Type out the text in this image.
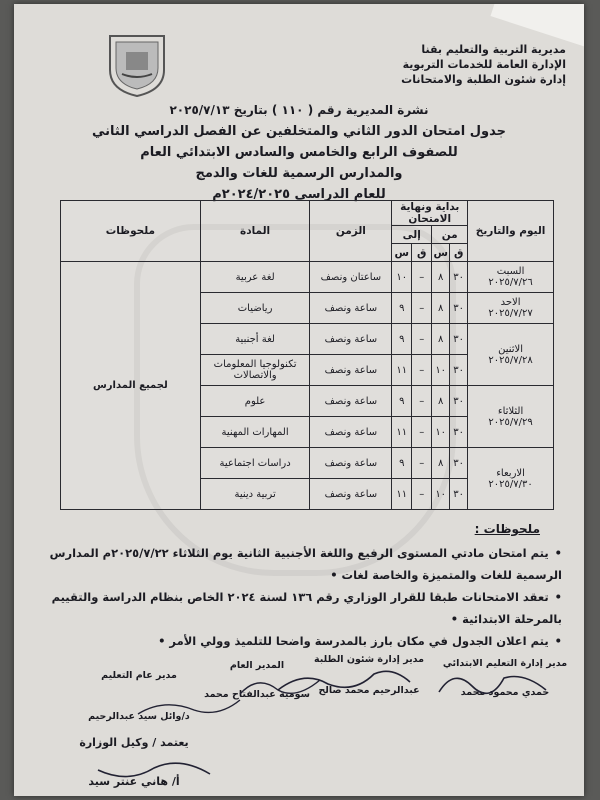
مديرية التربية والتعليم بقنا
الإدارة العامة للخدمات التربوية
إدارة شئون الطلبة والامتحانات
نشرة المديرية رقم ( ١١٠ ) بتاريخ ٢٠٢٥/٧/١٣
جدول امتحان الدور الثاني والمتخلفين عن الفصل الدراسي الثاني
للصفوف الرابع والخامس والسادس الابتدائي العام
والمدارس الرسمية للغات والدمج
للعام الدراسي ٢٠٢٤/٢٠٢٥م
اليوم والتاريخ	بداية ونهاية الامتحان				الزمن	المادة	ملحوظات
	من		إلى				
	ق	س	ق	س			

السبت
٢٠٢٥/٧/٢٦	٣٠	٨	–	١٠	ساعتان ونصف	لغة عربية	لجميع المدارس

الاحد
٢٠٢٥/٧/٢٧	٣٠	٨	–	٩	ساعة ونصف	رياضيات	

الاثنين
٢٠٢٥/٧/٢٨	٣٠	٨	–	٩	ساعة ونصف	لغة أجنبية	
	٣٠	١٠	–	١١	ساعة ونصف	تكنولوجيا المعلومات والاتصالات	

الثلاثاء
٢٠٢٥/٧/٢٩	٣٠	٨	–	٩	ساعة ونصف	علوم	
	٣٠	١٠	–	١١	ساعة ونصف	المهارات المهنية	

الاربعاء
٢٠٢٥/٧/٣٠	٣٠	٨	–	٩	ساعة ونصف	دراسات اجتماعية	
	٣٠	١٠	–	١١	ساعة ونصف	تربية دينية	
ملحوظات :
•يتم امتحان مادتي المستوى الرفيع واللغة الأجنبية الثانية يوم الثلاثاء ٢٠٢٥/٧/٢٢م المدارس الرسمية للغات والمتميزة والخاصة لغات •
•تعقد الامتحانات طبقا للقرار الوزاري رقم ١٣٦ لسنة ٢٠٢٤ الخاص بنظام الدراسة والتقييم بالمرحلة الابتدائية •
•يتم اعلان الجدول في مكان بارز بالمدرسة واضحا للتلميذ وولي الأمر •
مدير إدارة التعليم الابتدائي
حمدي محمود محمد
مدير إدارة شئون الطلبة
عبدالرحيم محمد صالح
المدير العام
سومية عبدالفتاح محمد
مدير عام التعليم
د/وائل سيد عبدالرحيم
يعتمد / وكيل الوزارة
أ/ هاني عنتر سيد
